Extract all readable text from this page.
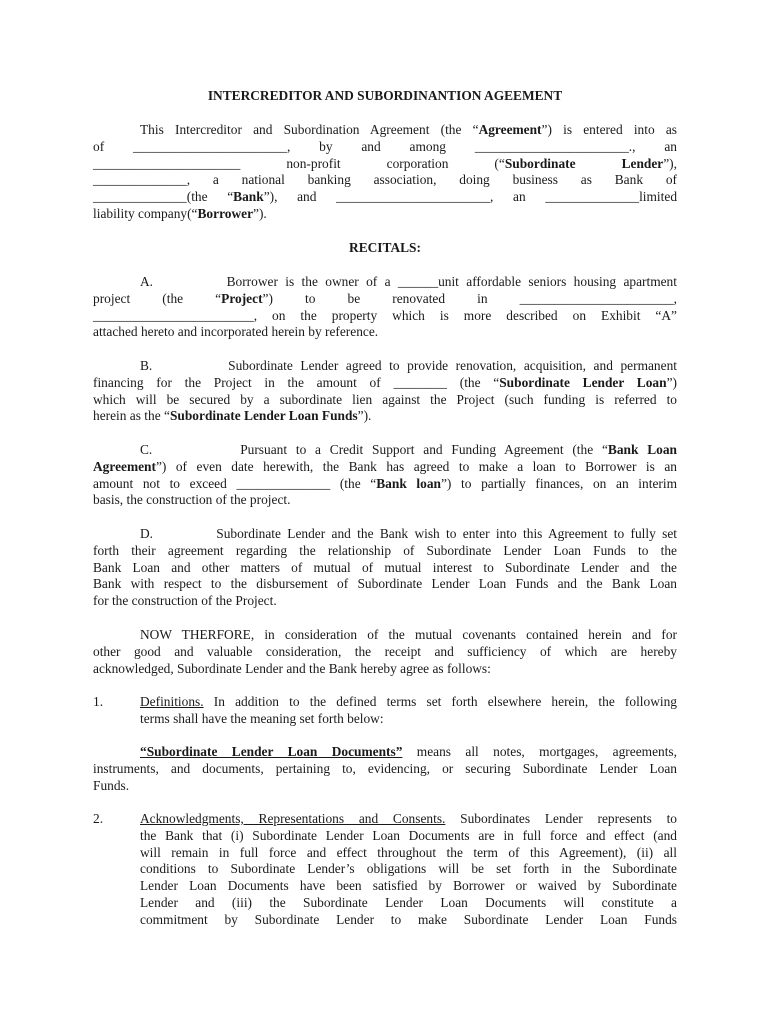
INTERCREDITOR AND SUBORDINANTION AGEEMENT
This Intercreditor and Subordination Agreement (the “Agreement”) is entered into as
of _______________________, by and among _______________________., an
______________________	non-profit corporation (“Subordinate Lender”),
______________, a national banking association, doing business as Bank of
______________(the “Bank”), and _______________________, an ______________limited
liability company(“Borrower”).
RECITALS:
A.	Borrower is the owner of a ______unit affordable seniors housing apartment
project (the “Project”) to be renovated in _______________________,
________________________, on the property which is more described on Exhibit “A”
attached hereto and incorporated herein by reference.
B.	Subordinate Lender agreed to provide renovation, acquisition, and permanent
financing for the Project in the amount of ________ (the “Subordinate Lender Loan”)
which will be secured by a subordinate lien against the Project (such funding is referred to
herein as the “Subordinate Lender Loan Funds”).
C.	Pursuant to a Credit Support and Funding Agreement (the “Bank Loan
Agreement”) of even date herewith, the Bank has agreed to make a loan to Borrower is an
amount not to exceed ______________ (the “Bank loan”) to partially finances, on an interim
basis, the construction of the project.
D.	Subordinate Lender and the Bank wish to enter into this Agreement to fully set
forth their agreement regarding the relationship of Subordinate Lender Loan Funds to the
Bank Loan and other matters of mutual of mutual interest to Subordinate Lender and the
Bank with respect to the disbursement of Subordinate Lender Loan Funds and the Bank Loan
for the construction of the Project.
NOW THERFORE, in consideration of the mutual covenants contained herein and for
other good and valuable consideration, the receipt and sufficiency of which are hereby
acknowledged, Subordinate Lender and the Bank hereby agree as follows:
1.	Definitions. In addition to the defined terms set forth elsewhere herein, the following
terms shall have the meaning set forth below:
“Subordinate Lender Loan Documents” means all notes, mortgages, agreements,
instruments, and documents, pertaining to, evidencing, or securing Subordinate Lender Loan
Funds.
2.	Acknowledgments, Representations and Consents. Subordinates Lender represents to
the Bank that (i) Subordinate Lender Loan Documents are in full force and effect (and
will remain in full force and effect throughout the term of this Agreement), (ii) all
conditions to Subordinate Lender’s obligations will be set forth in the Subordinate
Lender Loan Documents have been satisfied by Borrower or waived by Subordinate
Lender and (iii) the Subordinate Lender Loan Documents will constitute a
commitment by Subordinate Lender to make Subordinate Lender Loan Funds
